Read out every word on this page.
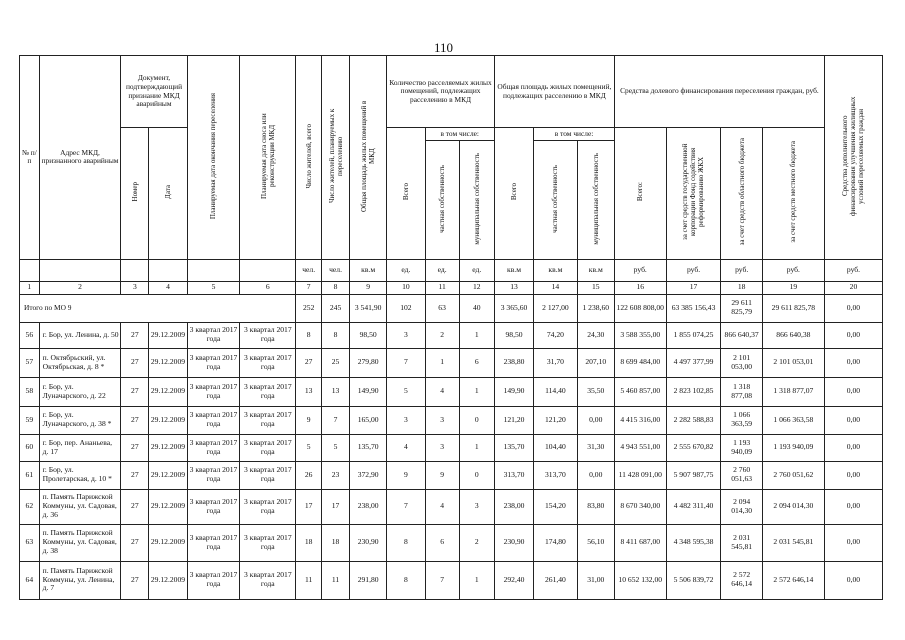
110
№ п/п	Адрес МКД, признанного аварийным	Документ, подтверждающий признание МКД аварийным		Планируемая дата окончания переселения	Планируемая дата сноса или реконструкции МКД	Число жителей, всего	Число жителей, планируемых к переселению	Общая площадь жилых помещений в МКД	Количество расселяемых жилых помещений, подлежащих расселению в МКД			Общая площадь жилых помещений, подлежащих расселению в МКД			Средства долевого финансирования переселения граждан, руб.				Средства дополнительного финансирования улучшения жилищных условий переселяемых граждан
		Номер	Дата						Всего	в том числе:		Всего	в том числе:		Всего:	за счет средств государственной корпорации Фонд содействия реформированию ЖКХ	за счет средств областного бюджета	за счет средств местного бюджета	
										частная собственность	муниципальная собственность		частная собственность	муниципальная собственность					
						чел.	чел.	кв.м	ед.	ед.	ед.	кв.м	кв.м	кв.м	руб.	руб.	руб.	руб.	руб.
1	2	3	4	5	6	7	8	9	10	11	12	13	14	15	16	17	18	19	20
Итого по МО 9						252	245	3 541,90	102	63	40	3 365,60	2 127,00	1 238,60	122 608 808,00	63 385 156,43	29 611 825,79	29 611 825,78	0,00
56	г. Бор, ул. Ленина, д. 50	27	29.12.2009	3 квартал 2017 года	3 квартал 2017 года	8	8	98,50	3	2	1	98,50	74,20	24,30	3 588 355,00	1 855 074,25	866 640,37	866 640,38	0,00
57	п. Октябрьский, ул. Октябрьская, д. 8 *	27	29.12.2009	3 квартал 2017 года	3 квартал 2017 года	27	25	279,80	7	1	6	238,80	31,70	207,10	8 699 484,00	4 497 377,99	2 101 053,00	2 101 053,01	0,00
58	г. Бор, ул. Луначарского, д. 22	27	29.12.2009	3 квартал 2017 года	3 квартал 2017 года	13	13	149,90	5	4	1	149,90	114,40	35,50	5 460 857,00	2 823 102,85	1 318 877,08	1 318 877,07	0,00
59	г. Бор, ул. Луначарского, д. 38 *	27	29.12.2009	3 квартал 2017 года	3 квартал 2017 года	9	7	165,00	3	3	0	121,20	121,20	0,00	4 415 316,00	2 282 588,83	1 066 363,59	1 066 363,58	0,00
60	г. Бор, пер. Ананьева, д. 17	27	29.12.2009	3 квартал 2017 года	3 квартал 2017 года	5	5	135,70	4	3	1	135,70	104,40	31,30	4 943 551,00	2 555 670,82	1 193 940,09	1 193 940,09	0,00
61	г. Бор, ул. Пролетарская, д. 10 *	27	29.12.2009	3 квартал 2017 года	3 квартал 2017 года	26	23	372,90	9	9	0	313,70	313,70	0,00	11 428 091,00	5 907 987,75	2 760 051,63	2 760 051,62	0,00
62	п. Память Парижской Коммуны, ул. Садовая, д. 36	27	29.12.2009	3 квартал 2017 года	3 квартал 2017 года	17	17	238,00	7	4	3	238,00	154,20	83,80	8 670 340,00	4 482 311,40	2 094 014,30	2 094 014,30	0,00
63	п. Память Парижской Коммуны, ул. Садовая, д. 38	27	29.12.2009	3 квартал 2017 года	3 квартал 2017 года	18	18	230,90	8	6	2	230,90	174,80	56,10	8 411 687,00	4 348 595,38	2 031 545,81	2 031 545,81	0,00
64	п. Память Парижской Коммуны, ул. Ленина, д. 7	27	29.12.2009	3 квартал 2017 года	3 квартал 2017 года	11	11	291,80	8	7	1	292,40	261,40	31,00	10 652 132,00	5 506 839,72	2 572 646,14	2 572 646,14	0,00
